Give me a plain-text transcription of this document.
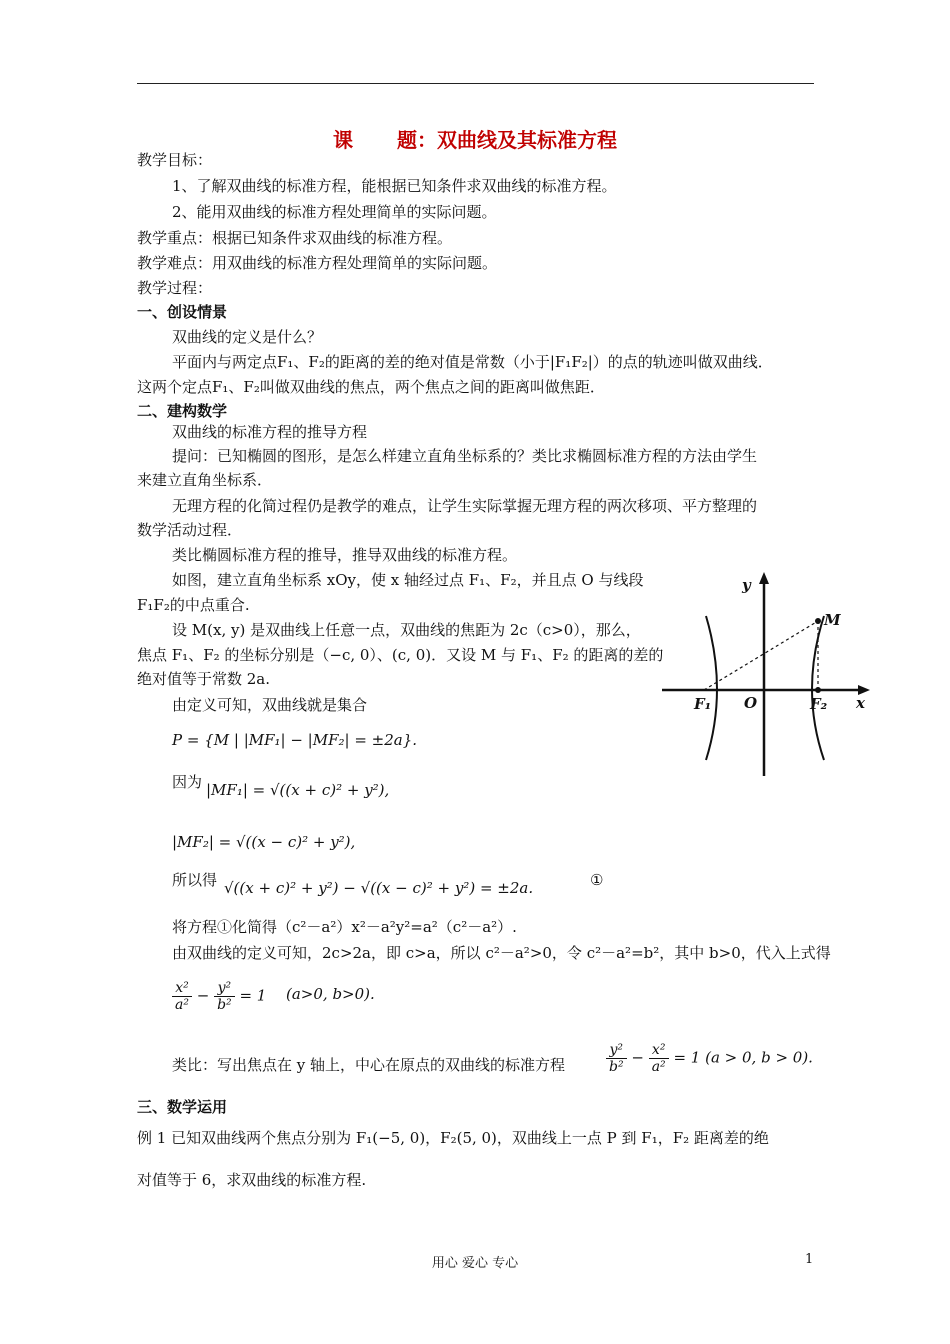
课 题：双曲线及其标准方程
教学目标：
1、了解双曲线的标准方程，能根据已知条件求双曲线的标准方程。
2、能用双曲线的标准方程处理简单的实际问题。
教学重点：根据已知条件求双曲线的标准方程。
教学难点：用双曲线的标准方程处理简单的实际问题。
教学过程：
一、创设情景
双曲线的定义是什么？
平面内与两定点F₁、F₂的距离的差的绝对值是常数（小于|F₁F₂|）的点的轨迹叫做双曲线．
这两个定点F₁、F₂叫做双曲线的焦点，两个焦点之间的距离叫做焦距．
二、建构数学
双曲线的标准方程的推导方程
提问：已知椭圆的图形，是怎么样建立直角坐标系的？类比求椭圆标准方程的方法由学生
来建立直角坐标系．
无理方程的化简过程仍是教学的难点，让学生实际掌握无理方程的两次移项、平方整理的
数学活动过程．
类比椭圆标准方程的推导，推导双曲线的标准方程。
如图，建立直角坐标系 xOy，使 x 轴经过点 F₁、F₂，并且点 O 与线段
F₁F₂的中点重合.
设 M(x, y) 是双曲线上任意一点，双曲线的焦距为 2c（c>0），那么，
焦点 F₁、F₂ 的坐标分别是（−c, 0）、(c, 0)．又设 M 与 F₁、F₂ 的距离的差的
绝对值等于常数 2a.
由定义可知，双曲线就是集合
P = {M | |MF₁| − |MF₂| = ±2a}.
因为 |MF₁| = √((x + c)² + y²),
|MF₂| = √((x − c)² + y²),
所以得 √((x + c)² + y²) − √((x − c)² + y²) = ±2a.	①
将方程①化简得（c²－a²）x²－a²y²=a²（c²－a²）.
由双曲线的定义可知，2c>2a，即 c>a，所以 c²－a²>0，令 c²－a²=b²，其中 b>0，代入上式得
$\frac{\text{x²}}{\text{a²}} - \frac{\text{y²}}{\text{b²}} = 1$ (a>0, b>0).
类比：写出焦点在 y 轴上，中心在原点的双曲线的标准方程	$\frac{\text{y²}}{\text{b²}} - \frac{\text{x²}}{\text{a²}} = 1$ (a > 0, b > 0).
三、数学运用
例 1 已知双曲线两个焦点分别为 F₁(−5, 0)，F₂(5, 0)，双曲线上一点 P 到 F₁，F₂ 距离差的绝
对值等于 6，求双曲线的标准方程.
y
x
M
O
F₁	F₂
用心 爱心 专心	1
